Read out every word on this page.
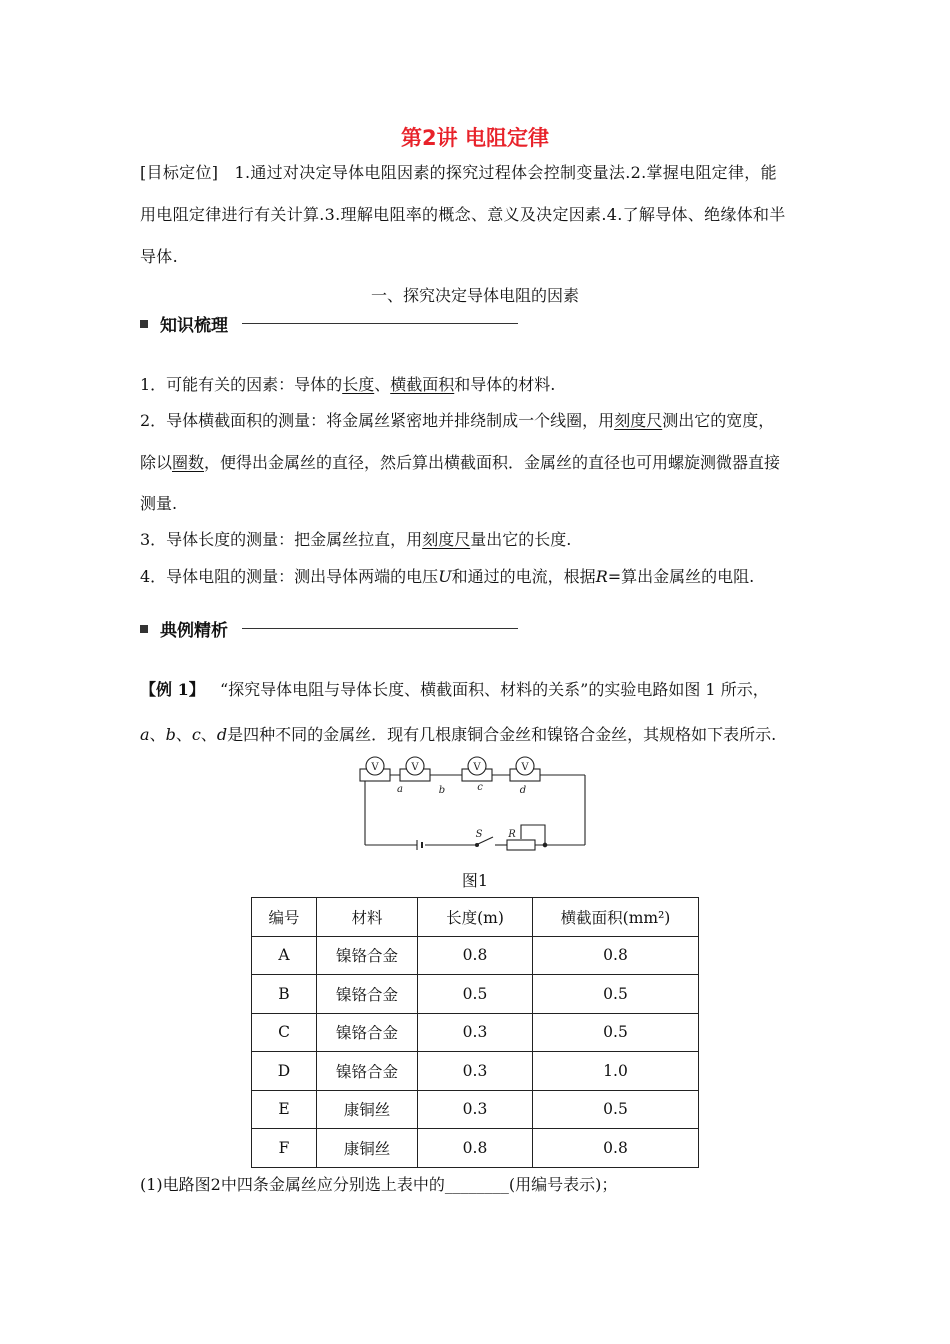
第2讲 电阻定律
[目标定位] 1.通过对决定导体电阻因素的探究过程体会控制变量法.2.掌握电阻定律，能
用电阻定律进行有关计算.3.理解电阻率的概念、意义及决定因素.4.了解导体、绝缘体和半
导体.
一、探究决定导体电阻的因素
知识梳理
1．可能有关的因素：导体的长度、横截面积和导体的材料.
2．导体横截面积的测量：将金属丝紧密地并排绕制成一个线圈，用刻度尺测出它的宽度，
除以圈数，便得出金属丝的直径，然后算出横截面积．金属丝的直径也可用螺旋测微器直接
测量.
3．导体长度的测量：把金属丝拉直，用刻度尺量出它的长度.
4．导体电阻的测量：测出导体两端的电压U和通过的电流，根据R=算出金属丝的电阻.
典例精析
【例 1】 “探究导体电阻与导体长度、横截面积、材料的关系”的实验电路如图 1 所示，
a、b、c、d是四种不同的金属丝．现有几根康铜合金丝和镍铬合金丝，其规格如下表所示.
V	V	V	V
a	b	c	d
S	R
图1
编号	材料	长度(m)	横截面积(mm²)
A	镍铬合金	0.8	0.8
B	镍铬合金	0.5	0.5
C	镍铬合金	0.3	0.5
D	镍铬合金	0.3	1.0
E	康铜丝	0.3	0.5
F	康铜丝	0.8	0.8
(1)电路图2中四条金属丝应分别选上表中的________(用编号表示)；
